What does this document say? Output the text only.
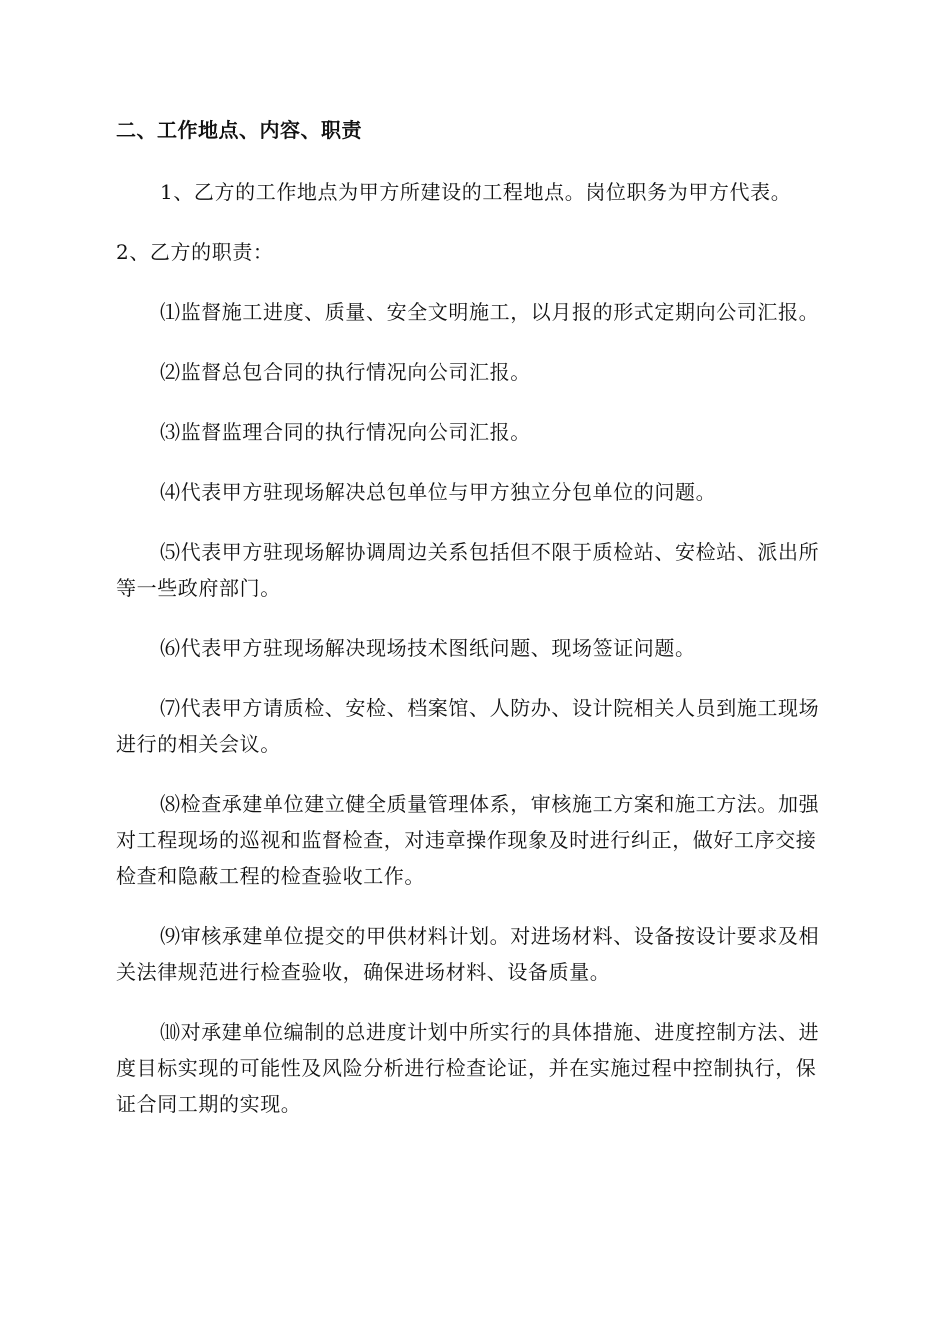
二、工作地点、内容、职责

1、乙方的工作地点为甲方所建设的工程地点。岗位职务为甲方代表。

2、乙方的职责：

⑴监督施工进度、质量、安全文明施工，以月报的形式定期向公司汇报。

⑵监督总包合同的执行情况向公司汇报。

⑶监督监理合同的执行情况向公司汇报。

⑷代表甲方驻现场解决总包单位与甲方独立分包单位的问题。

⑸代表甲方驻现场解协调周边关系包括但不限于质检站、安检站、派出所等一些政府部门。

⑹代表甲方驻现场解决现场技术图纸问题、现场签证问题。

⑺代表甲方请质检、安检、档案馆、人防办、设计院相关人员到施工现场进行的相关会议。

⑻检查承建单位建立健全质量管理体系，审核施工方案和施工方法。加强对工程现场的巡视和监督检查，对违章操作现象及时进行纠正，做好工序交接检查和隐蔽工程的检查验收工作。

⑼审核承建单位提交的甲供材料计划。对进场材料、设备按设计要求及相关法律规范进行检查验收，确保进场材料、设备质量。

⑽对承建单位编制的总进度计划中所实行的具体措施、进度控制方法、进度目标实现的可能性及风险分析进行检查论证，并在实施过程中控制执行，保证合同工期的实现。
